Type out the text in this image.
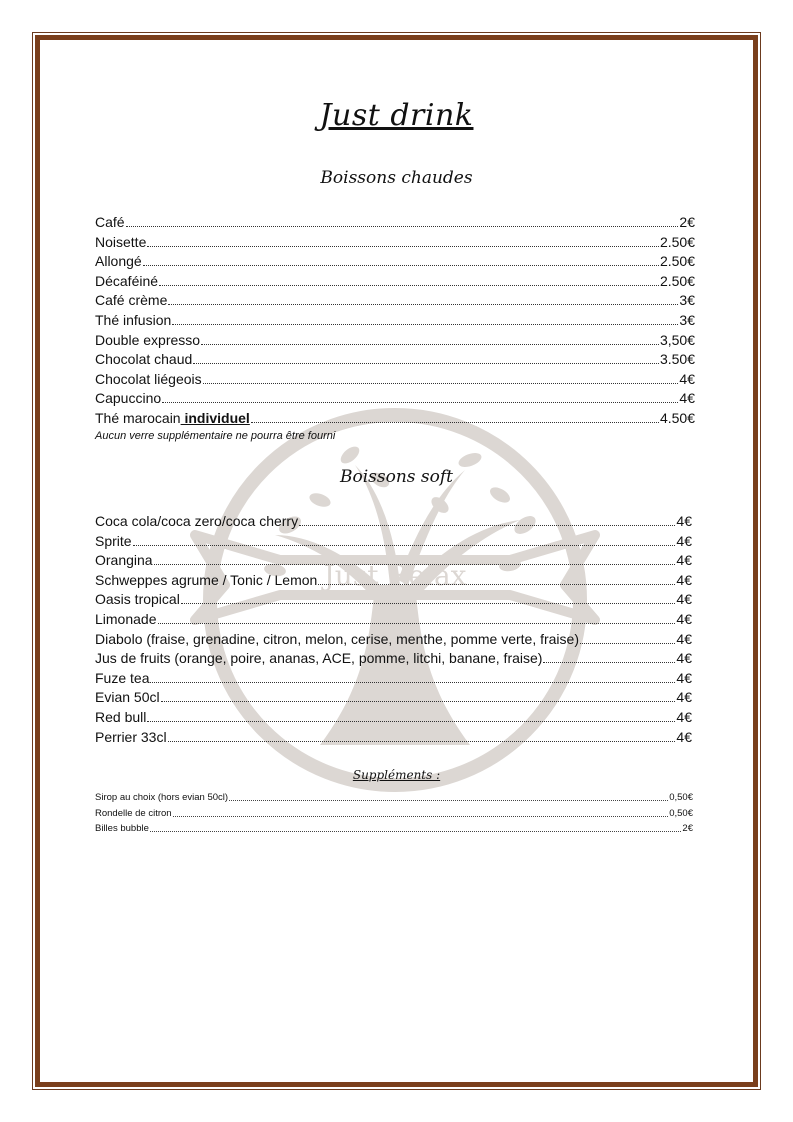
Just Relax
Just drink
Boissons chaudes
Café	2€
Noisette	2.50€
Allongé	2.50€
Décaféiné	2.50€
Café crème	3€
Thé infusion	3€
Double expresso	3,50€
Chocolat chaud	3.50€
Chocolat liégeois	4€
Capuccino	4€
Thé marocain individuel	4.50€
Aucun verre supplémentaire ne pourra être fourni
Boissons soft
Coca cola/coca zero/coca cherry	4€
Sprite	4€
Orangina	4€
Schweppes agrume / Tonic / Lemon	4€
Oasis tropical	4€
Limonade	4€
Diabolo (fraise, grenadine, citron, melon, cerise, menthe, pomme verte, fraise)	4€
Jus de fruits (orange, poire, ananas, ACE, pomme, litchi, banane, fraise)	4€
Fuze tea	4€
Evian 50cl	4€
Red bull	4€
Perrier 33cl	4€
Suppléments :
Sirop au choix (hors evian 50cl)	0,50€
Rondelle de citron	0,50€
Billes bubble	2€
